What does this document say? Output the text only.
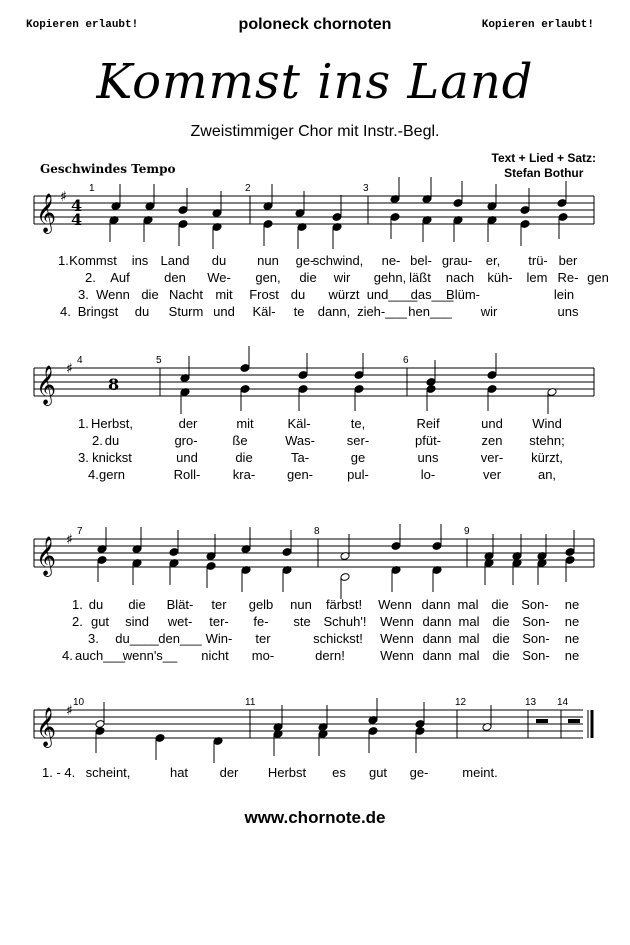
Kopieren erlaubt!	poloneck chornoten	Kopieren erlaubt!
Kommst ins Land
Zweistimmiger Chor mit Instr.-Begl.
Text + Lied + Satz:
Stefan Bothur
Geschwindes Tempo
𝄞 ♯
𝄞 ♯
𝄞 ♯
𝄞 ♯
8
4
4
1	2	3
4	5	6
7	8	9
10	11	12	13 14
1. Kommst ins Land du nun ge-
schwind, ne- bel- grau- er, trü- ber
2. Auf	den We- gen, die wir gehn, läßt nach küh- lem Re- gen
3. Wenn die Nacht mit Frost du würzt und____
das___
Blüm-	lein
4. Bringst du Sturm und Käl- te dann, zieh-___ hen___ wir	uns
1. Herbst,	der	mit	Käl-	te,	Reif	und Wind
2. du	gro-	ße	Was- ser-	pfüt-	zen stehn;
3. knickst	und	die	Ta-	ge	uns	ver- kürzt,
4. gern	Roll- kra- gen-	pul-	lo-	ver	an,
1. du die Blät- ter gelb nun färbst! Wenn dann mal die Son- ne
2. gut sind wet- ter- fe- ste Schuh'! Wenn dann mal die Son- ne
3. du____ den___ Win- ter	schickst! Wenn dann mal die Son- ne
4. auch___
wenn's__ nicht mo-	dern!	Wenn dann mal die Son- ne
1. - 4. scheint,	hat der Herbst es gut ge-	meint.
www.chornote.de
